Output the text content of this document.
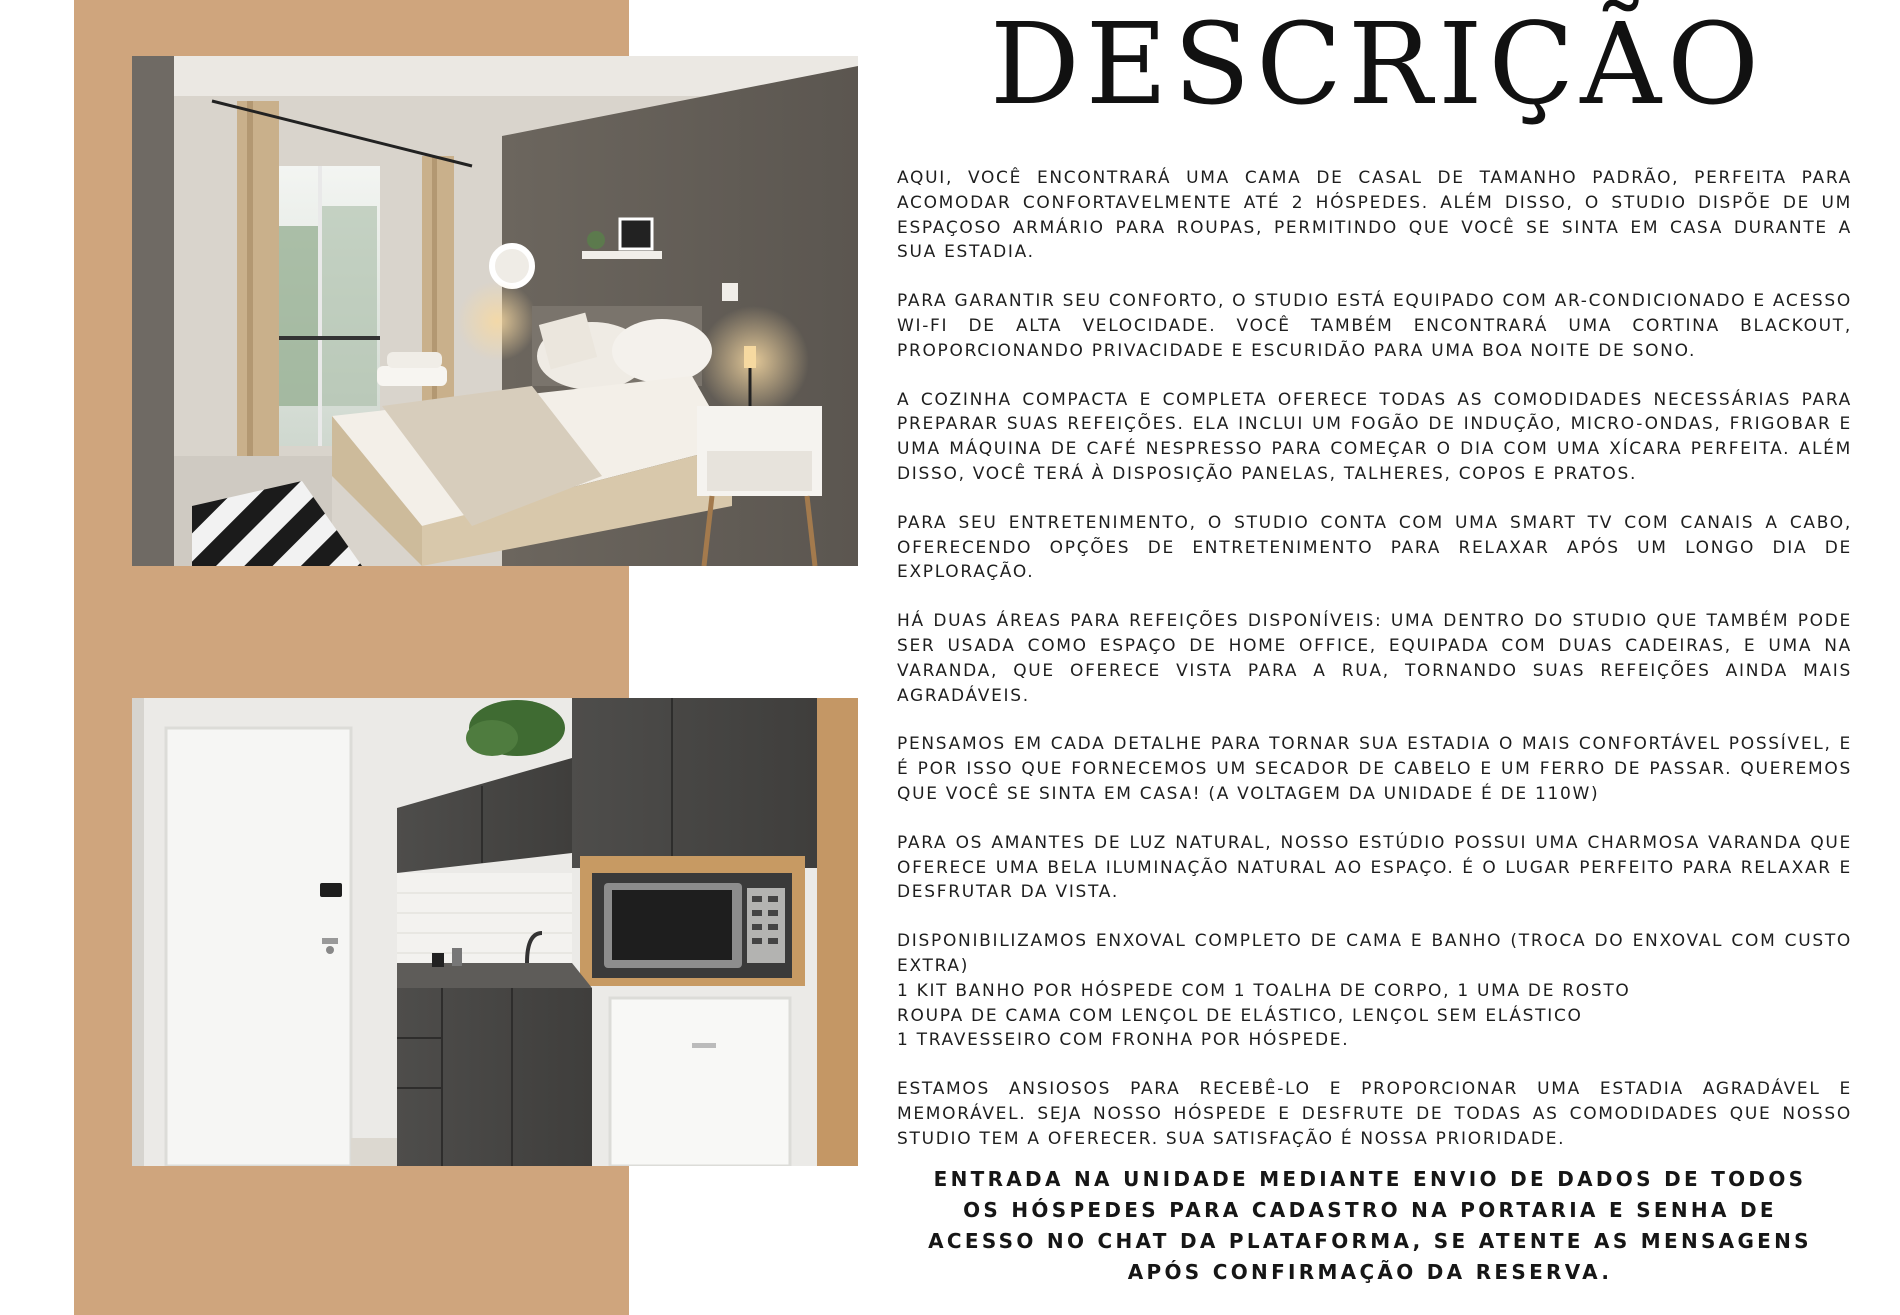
DESCRIÇÃO

AQUI, VOCÊ ENCONTRARÁ UMA CAMA DE CASAL DE TAMANHO PADRÃO, PERFEITA PARA ACOMODAR CONFORTAVELMENTE ATÉ 2 HÓSPEDES. ALÉM DISSO, O STUDIO DISPÕE DE UM ESPAÇOSO ARMÁRIO PARA ROUPAS, PERMITINDO QUE VOCÊ SE SINTA EM CASA DURANTE A SUA ESTADIA.

PARA GARANTIR SEU CONFORTO, O STUDIO ESTÁ EQUIPADO COM AR-CONDICIONADO E ACESSO WI-FI DE ALTA VELOCIDADE. VOCÊ TAMBÉM ENCONTRARÁ UMA CORTINA BLACKOUT, PROPORCIONANDO PRIVACIDADE E ESCURIDÃO PARA UMA BOA NOITE DE SONO.

A COZINHA COMPACTA E COMPLETA OFERECE TODAS AS COMODIDADES NECESSÁRIAS PARA PREPARAR SUAS REFEIÇÕES. ELA INCLUI UM FOGÃO DE INDUÇÃO, MICRO-ONDAS, FRIGOBAR E UMA MÁQUINA DE CAFÉ NESPRESSO PARA COMEÇAR O DIA COM UMA XÍCARA PERFEITA. ALÉM DISSO, VOCÊ TERÁ À DISPOSIÇÃO PANELAS, TALHERES, COPOS E PRATOS.

PARA SEU ENTRETENIMENTO, O STUDIO CONTA COM UMA SMART TV COM CANAIS A CABO, OFERECENDO OPÇÕES DE ENTRETENIMENTO PARA RELAXAR APÓS UM LONGO DIA DE EXPLORAÇÃO.

HÁ DUAS ÁREAS PARA REFEIÇÕES DISPONÍVEIS: UMA DENTRO DO STUDIO QUE TAMBÉM PODE SER USADA COMO ESPAÇO DE HOME OFFICE, EQUIPADA COM DUAS CADEIRAS, E UMA NA VARANDA, QUE OFERECE VISTA PARA A RUA, TORNANDO SUAS REFEIÇÕES AINDA MAIS AGRADÁVEIS.

PENSAMOS EM CADA DETALHE PARA TORNAR SUA ESTADIA O MAIS CONFORTÁVEL POSSÍVEL, E É POR ISSO QUE FORNECEMOS UM SECADOR DE CABELO E UM FERRO DE PASSAR. QUEREMOS QUE VOCÊ SE SINTA EM CASA! (A VOLTAGEM DA UNIDADE É DE 110W)

PARA OS AMANTES DE LUZ NATURAL, NOSSO ESTÚDIO POSSUI UMA CHARMOSA VARANDA QUE OFERECE UMA BELA ILUMINAÇÃO NATURAL AO ESPAÇO. É O LUGAR PERFEITO PARA RELAXAR E DESFRUTAR DA VISTA.

DISPONIBILIZAMOS ENXOVAL COMPLETO DE CAMA E BANHO (TROCA DO ENXOVAL COM CUSTO EXTRA)
1 KIT BANHO POR HÓSPEDE COM 1 TOALHA DE CORPO, 1 UMA DE ROSTO
ROUPA DE CAMA COM LENÇOL DE ELÁSTICO, LENÇOL SEM ELÁSTICO
1 TRAVESSEIRO COM FRONHA POR HÓSPEDE.

ESTAMOS ANSIOSOS PARA RECEBÊ-LO E PROPORCIONAR UMA ESTADIA AGRADÁVEL E MEMORÁVEL. SEJA NOSSO HÓSPEDE E DESFRUTE DE TODAS AS COMODIDADES QUE NOSSO STUDIO TEM A OFERECER. SUA SATISFAÇÃO É NOSSA PRIORIDADE.

ENTRADA NA UNIDADE MEDIANTE ENVIO DE DADOS DE TODOS OS HÓSPEDES PARA CADASTRO NA PORTARIA E SENHA DE ACESSO NO CHAT DA PLATAFORMA, SE ATENTE AS MENSAGENS APÓS CONFIRMAÇÃO DA RESERVA.
